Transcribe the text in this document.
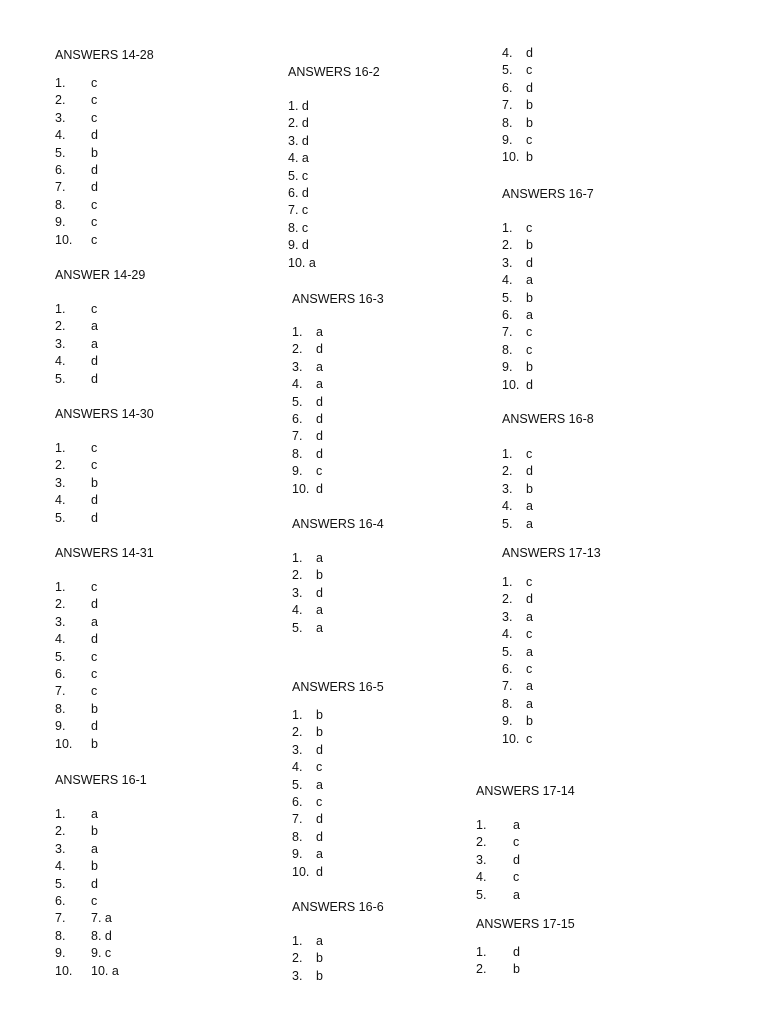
ANSWERS 14-28
1. c
2. c
3. c
4. d
5. b
6. d
7. d
8. c
9. c
10. c
ANSWER 14-29
1. c
2. a
3. a
4. d
5. d
ANSWERS 14-30
1. c
2. c
3. b
4. d
5. d
ANSWERS 14-31
1. c
2. d
3. a
4. d
5. c
6. c
7. c
8. b
9. d
10. b
ANSWERS 16-1
1. a
2. b
3. a
4. b
5. d
6. c
7. 7. a
8. 8. d
9. 9. c
10. 10. a
ANSWERS 16-2
1. d
2. d
3. d
4. a
5. c
6. d
7. c
8. c
9. d
10. a
ANSWERS 16-3
1. a
2. d
3. a
4. a
5. d
6. d
7. d
8. d
9. c
10. d
ANSWERS 16-4
1. a
2. b
3. d
4. a
5. a
ANSWERS 16-5
1. b
2. b
3. d
4. c
5. a
6. c
7. d
8. d
9. a
10. d
ANSWERS 16-6
1. a
2. b
3. b
4. d
5. c
6. d
7. b
8. b
9. c
10. b
ANSWERS 16-7
1. c
2. b
3. d
4. a
5. b
6. a
7. c
8. c
9. b
10. d
ANSWERS 16-8
1. c
2. d
3. b
4. a
5. a
ANSWERS 17-13
1. c
2. d
3. a
4. c
5. a
6. c
7. a
8. a
9. b
10. c
ANSWERS 17-14
1. a
2. c
3. d
4. c
5. a
ANSWERS 17-15
1. d
2. b
